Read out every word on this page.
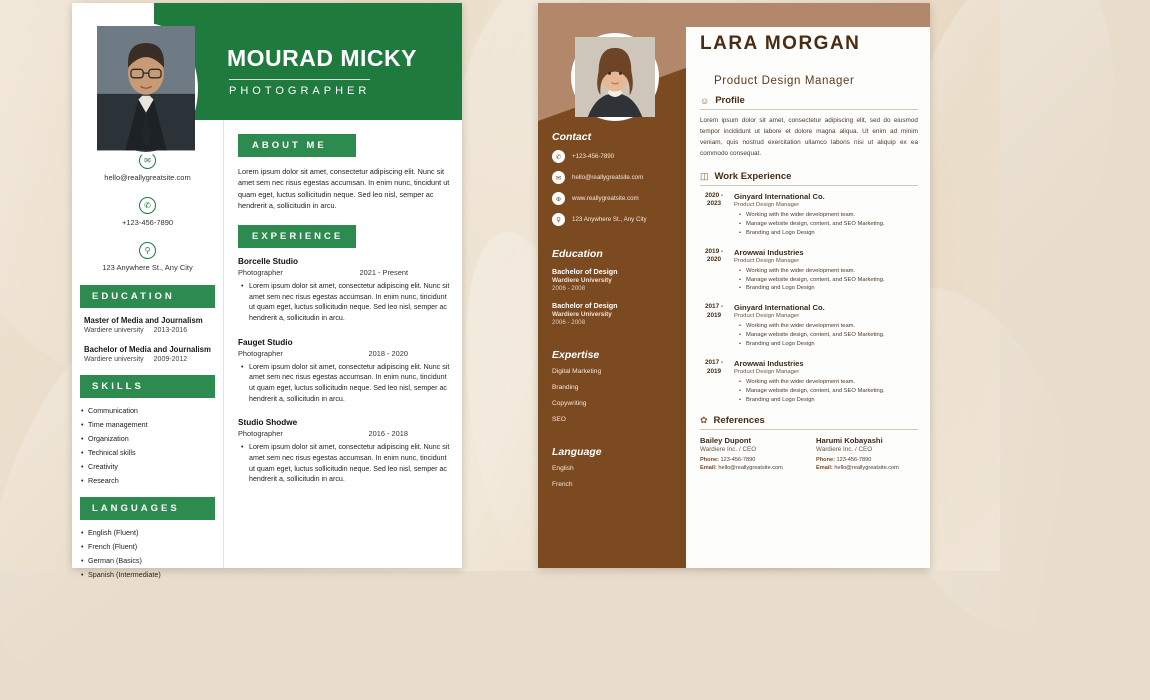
MOURAD MICKY
PHOTOGRAPHER
✉
hello@reallygreatsite.com
✆
+123-456-7890
⚲
123 Anywhere St., Any City
EDUCATION
Master of Media and Journalism
Wardiere university 2013-2016
Bachelor of Media and Journalism
Wardiere university 2009-2012
SKILLS
• Communication
• Time management
• Organization
• Technical skills
• Creativity
• Research
LANGUAGES
• English (Fluent)
• French (Fluent)
• German (Basics)
• Spanish (Intermediate)
ABOUT ME
Lorem ipsum dolor sit amet, consectetur adipiscing elit. Nunc sit amet sem nec risus egestas accumsan. In enim nunc, tincidunt ut quam eget, luctus sollicitudin neque. Sed leo nisl, semper ac hendrerit a, sollicitudin in arcu.
EXPERIENCE
Borcelle Studio
Photographer	2021 - Present
• Lorem ipsum dolor sit amet, consectetur adipiscing elit. Nunc sit amet sem nec risus egestas accumsan. In enim nunc, tincidunt ut quam eget, luctus sollicitudin neque. Sed leo nisl, semper ac hendrerit a, sollicitudin in arcu.
Fauget Studio
Photographer	2018 - 2020
• Lorem ipsum dolor sit amet, consectetur adipiscing elit. Nunc sit amet sem nec risus egestas accumsan. In enim nunc, tincidunt ut quam eget, luctus sollicitudin neque. Sed leo nisl, semper ac hendrerit a, sollicitudin in arcu.
Studio Shodwe
Photographer	2016 - 2018
• Lorem ipsum dolor sit amet, consectetur adipiscing elit. Nunc sit amet sem nec risus egestas accumsan. In enim nunc, tincidunt ut quam eget, luctus sollicitudin neque. Sed leo nisl, semper ac hendrerit a, sollicitudin in arcu.
Contact
✆	+123-456-7890
✉	hello@reallygreatsite.com
⊕	www.reallygreatsite.com
⚲	123 Anywhere St., Any City
Education
Bachelor of Design
Wardiere University
2006 - 2008
Bachelor of Design
Wardiere University
2006 - 2008
Expertise
Digital Marketing
Branding
Copywriting
SEO
Language
English
French
LARA MORGAN
Product Design Manager
☺ Profile
Lorem ipsum dolor sit amet, consectetur adipiscing elit, sed do eiusmod tempor incididunt ut labore et dolore magna aliqua. Ut enim ad minim veniam, quis nostrud exercitation ullamco laboris nisi ut aliquip ex ea commodo consequat.
◫ Work Experience
2020 - 2023
Ginyard International Co.
Product Design Manager
• Working with the wider development team.
• Manage website design, content, and SEO Marketing.
• Branding and Logo Design
2019 - 2020
Arowwai Industries
Product Design Manager
• Working with the wider development team.
• Manage website design, content, and SEO Marketing.
• Branding and Logo Design
2017 - 2019
Ginyard International Co.
Product Design Manager
• Working with the wider development team.
• Manage website design, content, and SEO Marketing.
• Branding and Logo Design
2017 - 2019
Arowwai Industries
Product Design Manager
• Working with the wider development team.
• Manage website design, content, and SEO Marketing.
• Branding and Logo Design
✿ References
Bailey Dupont
Wardiere Inc. / CEO
Phone: 123-456-7890
Email: hello@reallygreatsite.com
Harumi Kobayashi
Wardiere Inc. / CEO
Phone: 123-456-7890
Email: hello@reallygreatsite.com
